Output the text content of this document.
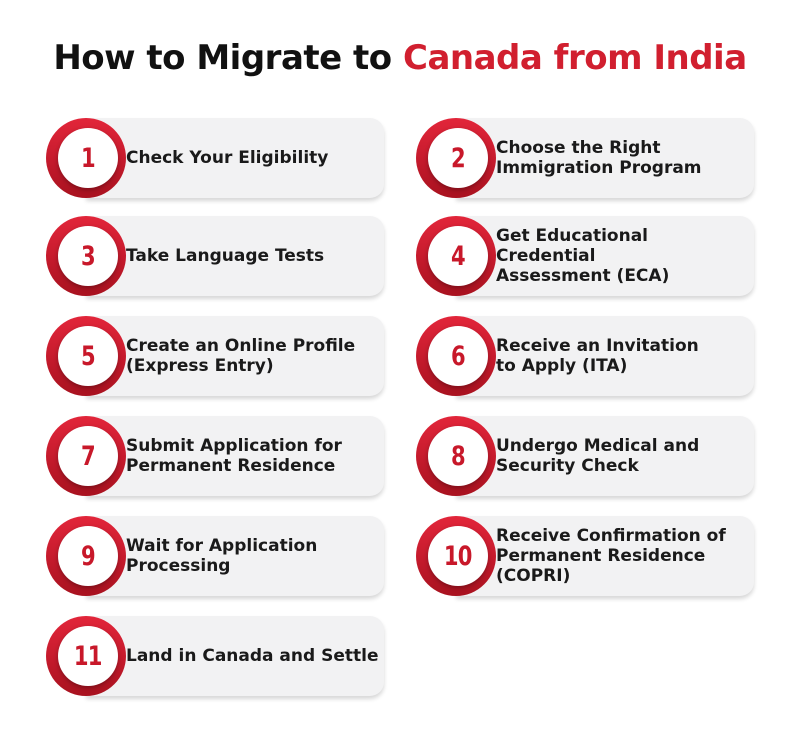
How to Migrate to Canada from India
1 Check Your Eligibility	2 Choose the Right
Immigration Program
3 Take Language Tests	4
Get Educational Credential
Assessment (ECA)
5 Create an Online Profile
(Express Entry)	6 Receive an Invitation
to Apply (ITA)
7 Submit Application for
Permanent Residence	8 Undergo Medical and
Security Check
9 Wait for Application
Processing	10
Receive Confirmation of
Permanent Residence
(COPRI)
11 Land in Canada and Settle
